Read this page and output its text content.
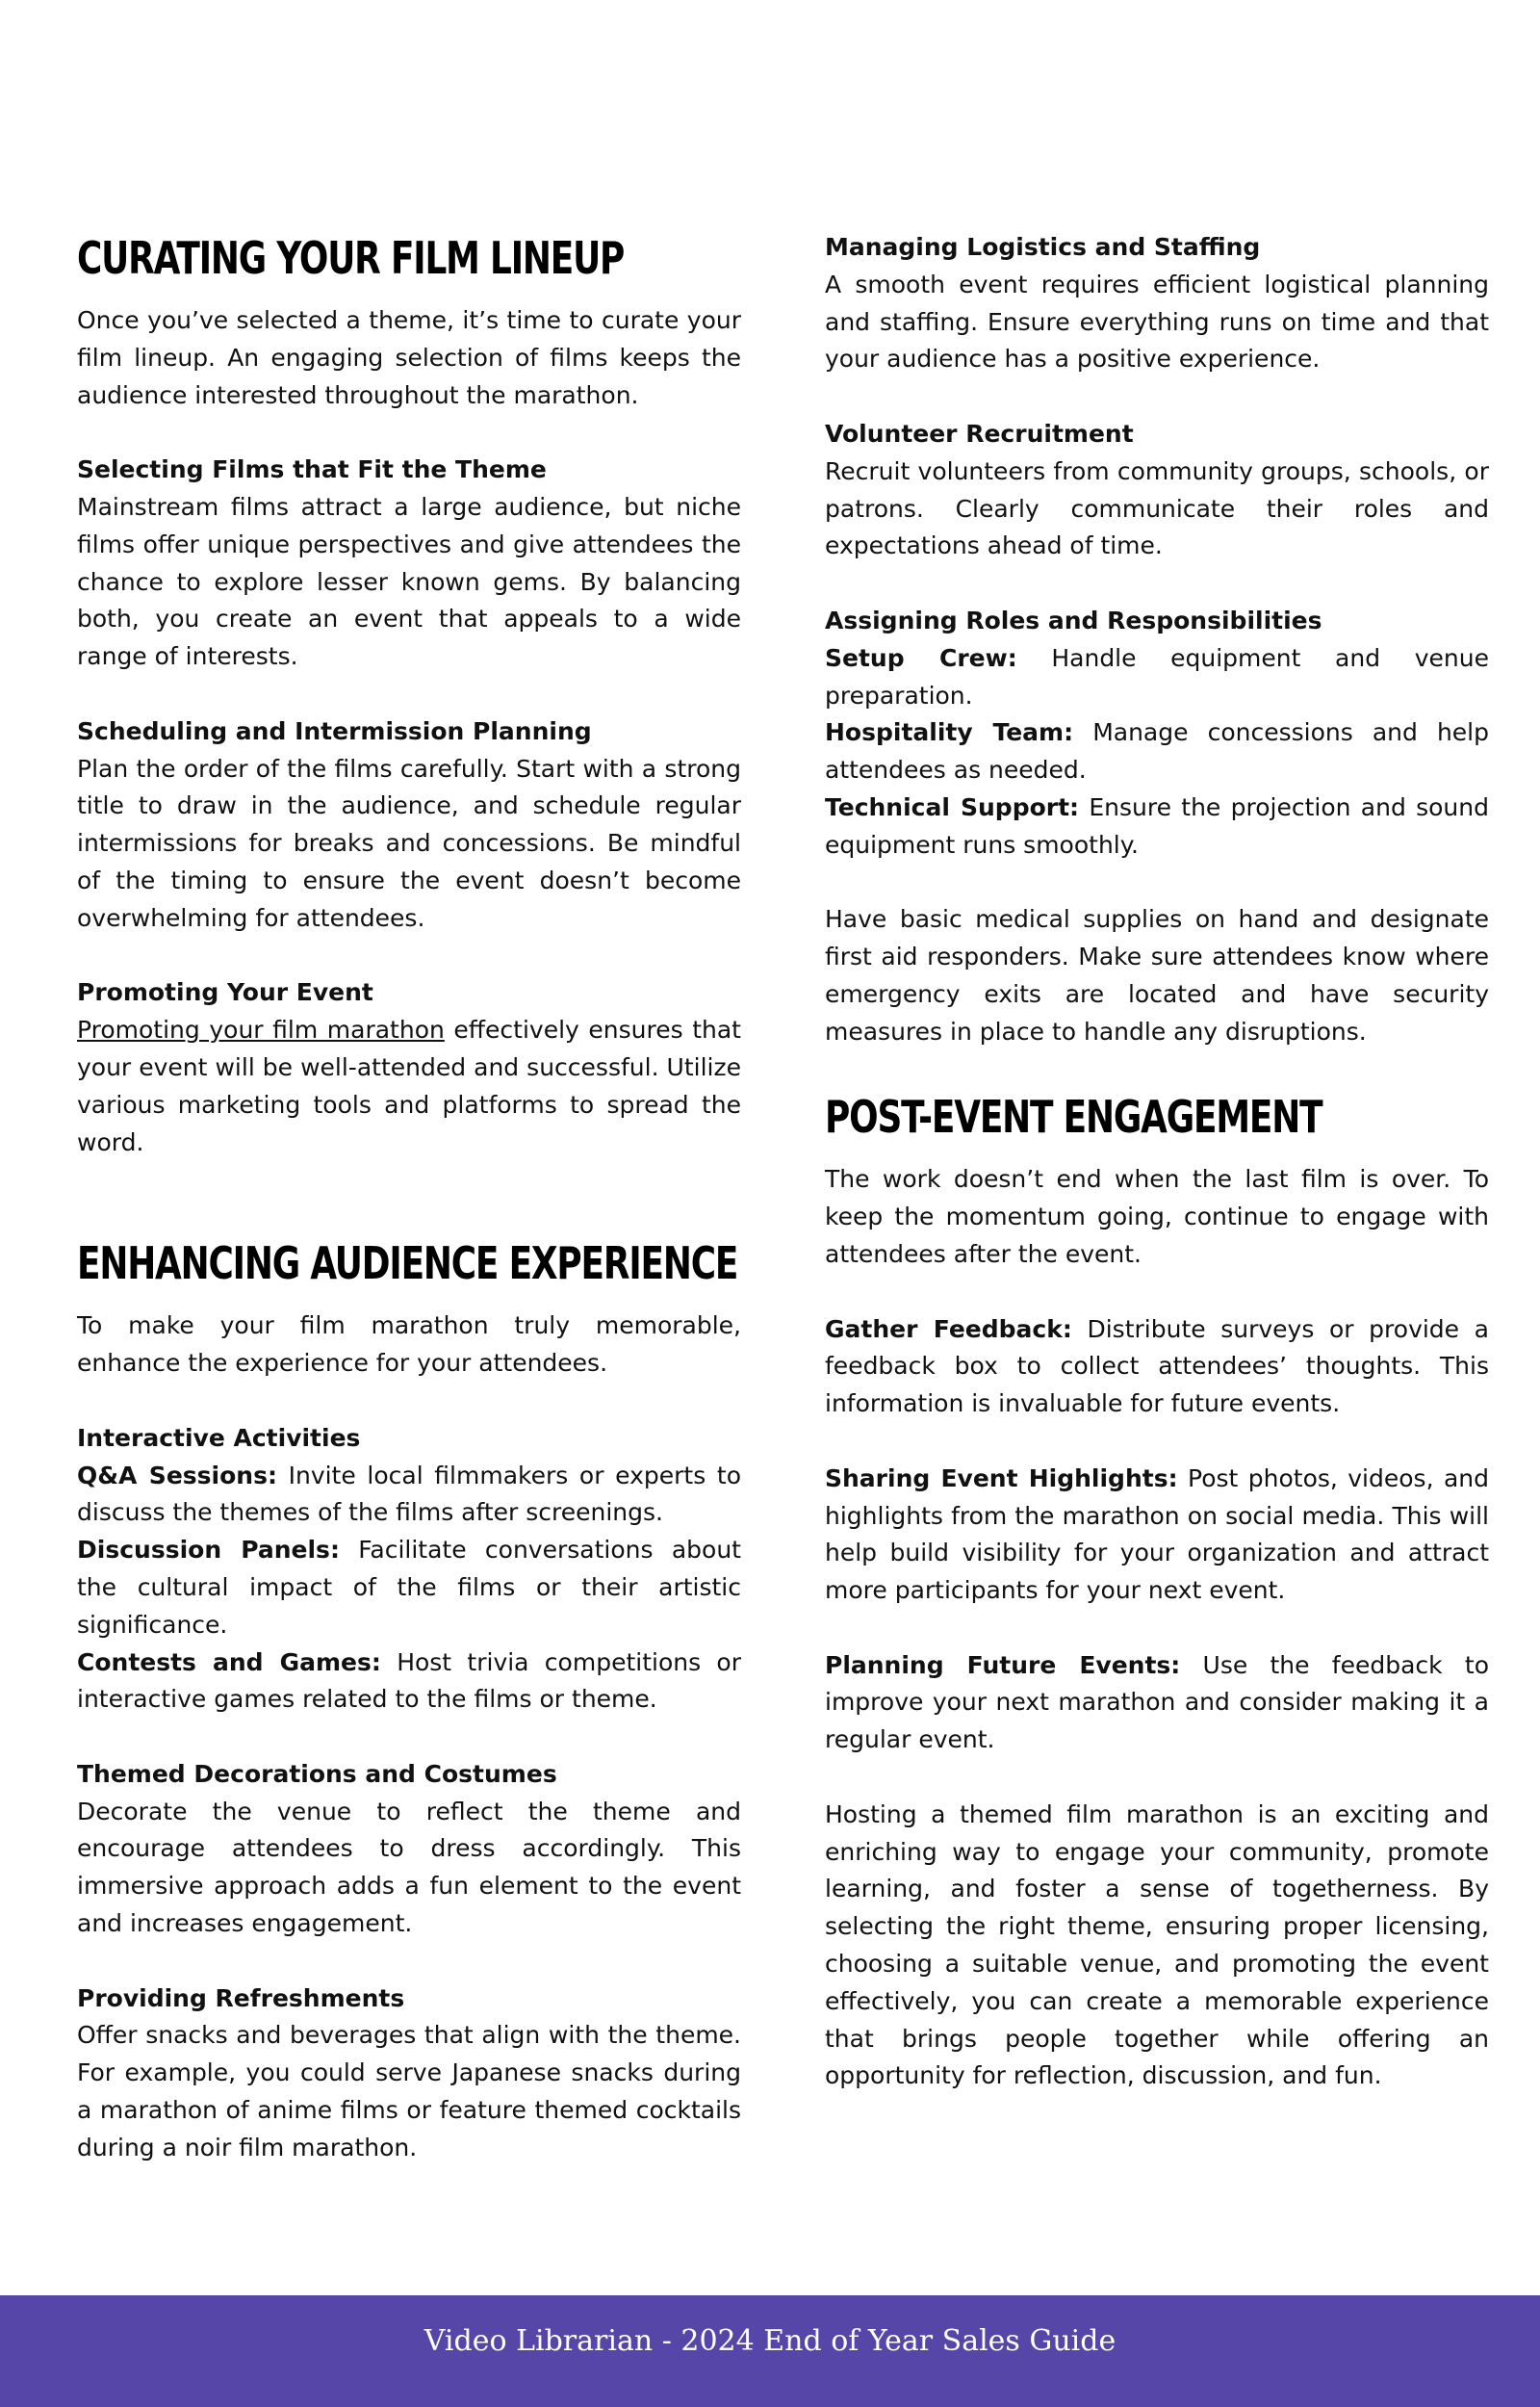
CURATING YOUR FILM LINEUP

Once you’ve selected a theme, it’s time to curate your film lineup. An engaging selection of films keeps the audience interested throughout the marathon.

Selecting Films that Fit the Theme

Mainstream films attract a large audience, but niche films offer unique perspectives and give attendees the chance to explore lesser known gems. By balancing both, you create an event that appeals to a wide range of interests.

Scheduling and Intermission Planning

Plan the order of the films carefully. Start with a strong title to draw in the audience, and schedule regular intermissions for breaks and concessions. Be mindful of the timing to ensure the event doesn’t become overwhelming for attendees.

Promoting Your Event

Promoting your film marathon effectively ensures that your event will be well-attended and successful. Utilize various marketing tools and platforms to spread the word.

ENHANCING AUDIENCE EXPERIENCE

To make your film marathon truly memorable, enhance the experience for your attendees.

Interactive Activities

Q&A Sessions: Invite local filmmakers or experts to discuss the themes of the films after screenings.

Discussion Panels: Facilitate conversations about the cultural impact of the films or their artistic significance.

Contests and Games: Host trivia competitions or interactive games related to the films or theme.

Themed Decorations and Costumes

Decorate the venue to reflect the theme and encourage attendees to dress accordingly. This immersive approach adds a fun element to the event and increases engagement.

Providing Refreshments

Offer snacks and beverages that align with the theme. For example, you could serve Japanese snacks during a marathon of anime films or feature themed cocktails during a noir film marathon.

Managing Logistics and Staffing

A smooth event requires efficient logistical planning and staffing. Ensure everything runs on time and that your audience has a positive experience.

Volunteer Recruitment

Recruit volunteers from community groups, schools, or patrons. Clearly communicate their roles and expectations ahead of time.

Assigning Roles and Responsibilities

Setup Crew: Handle equipment and venue preparation.

Hospitality Team: Manage concessions and help attendees as needed.

Technical Support: Ensure the projection and sound equipment runs smoothly.

Have basic medical supplies on hand and designate first aid responders. Make sure attendees know where emergency exits are located and have security measures in place to handle any disruptions.

POST-EVENT ENGAGEMENT

The work doesn’t end when the last film is over. To keep the momentum going, continue to engage with attendees after the event.

Gather Feedback: Distribute surveys or provide a feedback box to collect attendees’ thoughts. This information is invaluable for future events.

Sharing Event Highlights: Post photos, videos, and highlights from the marathon on social media. This will help build visibility for your organization and attract more participants for your next event.

Planning Future Events: Use the feedback to improve your next marathon and consider making it a regular event.

Hosting a themed film marathon is an exciting and enriching way to engage your community, promote learning, and foster a sense of togetherness. By selecting the right theme, ensuring proper licensing, choosing a suitable venue, and promoting the event effectively, you can create a memorable experience that brings people together while offering an opportunity for reflection, discussion, and fun.

Video Librarian - 2024 End of Year Sales Guide
